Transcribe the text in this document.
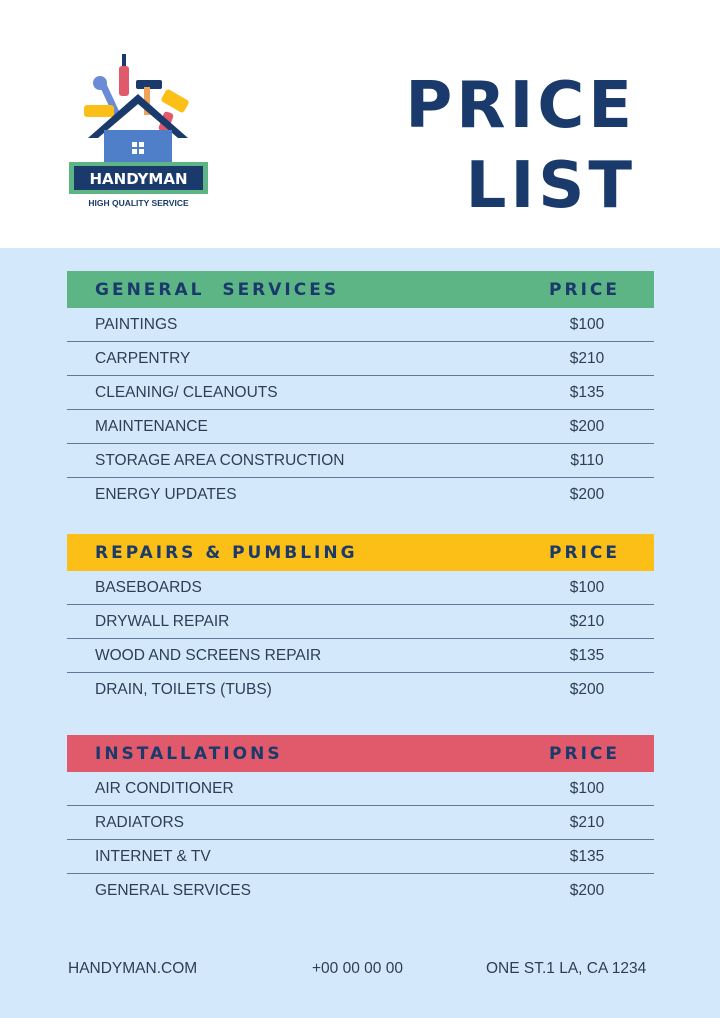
HANDYMAN
HIGH QUALITY SERVICE
PRICE
LIST
GENERAL  SERVICES	PRICE
PAINTINGS	$100
CARPENTRY	$210
CLEANING/ CLEANOUTS	$135
MAINTENANCE	$200
STORAGE AREA CONSTRUCTION	$110
ENERGY UPDATES	$200
REPAIRS & PUMBLING	PRICE
BASEBOARDS	$100
DRYWALL REPAIR	$210
WOOD AND SCREENS REPAIR	$135
DRAIN, TOILETS (TUBS)	$200
INSTALLATIONS	PRICE
AIR CONDITIONER	$100
RADIATORS	$210
INTERNET & TV	$135
GENERAL SERVICES	$200
HANDYMAN.COM	+00 00 00 00	ONE ST.1 LA, CA 1234
